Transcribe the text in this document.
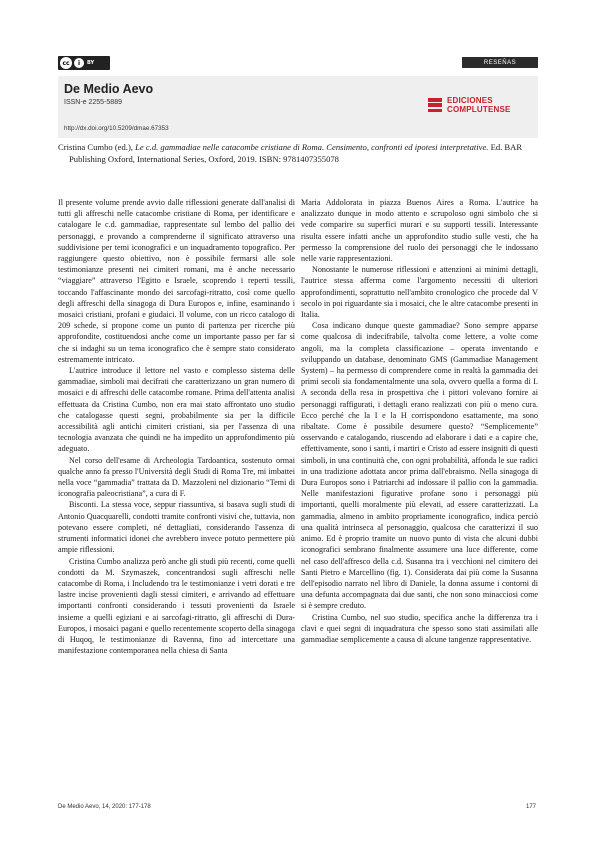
cc	i	BY	RESEÑAS
De Medio Aevo
ISSN-e 2255-5889
http://dx.doi.org/10.5209/dmae.67353
EDICIONES
COMPLUTENSE
Cristina Cumbo (ed.), Le c.d. gammadiae nelle catacombe cristiane di Roma. Censimento, confronti ed ipotesi interpretative. Ed. BAR Publishing Oxford, International Series, Oxford, 2019. ISBN: 9781407355078

Il presente volume prende avvio dalle riflessioni generate dall'analisi di tutti gli affreschi nelle catacombe cristiane di Roma, per identificare e catalogare le c.d. gammadiae, rappresentate sul lembo del pallio dei personaggi, e provando a comprenderne il significato attraverso una suddivisione per temi iconografici e un inquadramento topografico. Per raggiungere questo obiettivo, non è possibile fermarsi alle sole testimonianze presenti nei cimiteri romani, ma è anche necessario “viaggiare” attraverso l'Egitto e Israele, scoprendo i reperti tessili, toccando l'affascinante mondo dei sarcofagi-ritratto, così come quello degli affreschi della sinagoga di Dura Europos e, infine, esaminando i mosaici cristiani, profani e giudaici. Il volume, con un ricco catalogo di 209 schede, si propone come un punto di partenza per ricerche più approfondite, costituendosi anche come un importante passo per far sì che si indaghi su un tema iconografico che è sempre stato considerato estremamente intricato.

L'autrice introduce il lettore nel vasto e complesso sistema delle gammadiae, simboli mai decifrati che caratterizzano un gran numero di mosaici e di affreschi delle catacombe romane. Prima dell'attenta analisi effettuata da Cristina Cumbo, non era mai stato affrontato uno studio che catalogasse questi segni, probabilmente sia per la difficile accessibilità agli antichi cimiteri cristiani, sia per l'assenza di una tecnologia avanzata che quindi ne ha impedito un approfondimento più adeguato.

Nel corso dell'esame di Archeologia Tardoantica, sostenuto ormai qualche anno fa presso l'Università degli Studi di Roma Tre, mi imbattei nella voce “gammadia” trattata da D. Mazzoleni nel dizionario “Temi di iconografia paleocristiana”, a cura di F.

Bisconti. La stessa voce, seppur riassuntiva, si basava sugli studi di Antonio Quacquarelli, condotti tramite confronti visivi che, tuttavia, non potevano essere completi, né dettagliati, considerando l'assenza di strumenti informatici idonei che avrebbero invece potuto permettere più ampie riflessioni.

Cristina Cumbo analizza però anche gli studi più recenti, come quelli condotti da M. Szymaszek, concentrandosi sugli affreschi nelle catacombe di Roma, i Includendo tra le testimonianze i vetri dorati e tre lastre incise provenienti dagli stessi cimiteri, e arrivando ad effettuare importanti confronti considerando i tessuti provenienti da Israele insieme a quelli egiziani e ai sarcofagi-ritratto, gli affreschi di Dura-Europos, i mosaici pagani e quello recentemente scoperto della sinagoga di Huqoq, le testimonianze di Ravenna, fino ad intercettare una manifestazione contemporanea nella chiesa di Santa

Maria Addolorata in piazza Buenos Aires a Roma. L'autrice ha analizzato dunque in modo attento e scrupoloso ogni simbolo che si vede comparire su superfici murari e su supporti tessili. Interessante risulta essere infatti anche un approfondito studio sulle vesti, che ha permesso la comprensione del ruolo dei personaggi che le indossano nelle varie rappresentazioni.

Nonostante le numerose riflessioni e attenzioni ai minimi dettagli, l'autrice stessa afferma come l'argomento necessiti di ulteriori approfondimenti, soprattutto nell'ambito cronologico che procede dal V secolo in poi riguardante sia i mosaici, che le altre catacombe presenti in Italia.

Cosa indicano dunque queste gammadiae? Sono sempre apparse come qualcosa di indecifrabile, talvolta come lettere, a volte come angoli, ma la completa classificazione – operata inventando e sviluppando un database, denominato GMS (Gammadiae Management System) – ha permesso di comprendere come in realtà la gammadia dei primi secoli sia fondamentalmente una sola, ovvero quella a forma di I. A seconda della resa in prospettiva che i pittori volevano fornire ai personaggi raffigurati, i dettagli erano realizzati con più o meno cura. Ecco perché che la I e la H corrispondono esattamente, ma sono ribaltate. Come è possibile desumere questo? “Semplicemente” osservando e catalogando, riuscendo ad elaborare i dati e a capire che, effettivamente, sono i santi, i martiri e Cristo ad essere insigniti di questi simboli, in una continuità che, con ogni probabilità, affonda le sue radici in una tradizione adottata ancor prima dall'ebraismo. Nella sinagoga di Dura Europos sono i Patriarchi ad indossare il pallio con la gammadia. Nelle manifestazioni figurative profane sono i personaggi più importanti, quelli moralmente più elevati, ad essere caratterizzati. La gammadia, almeno in ambito propriamente iconografico, indica perciò una qualità intrinseca al personaggio, qualcosa che caratterizzi il suo animo. Ed è proprio tramite un nuovo punto di vista che alcuni dubbi iconografici sembrano finalmente assumere una luce differente, come nel caso dell'affresco della c.d. Susanna tra i vecchioni nel cimitero dei Santi Pietro e Marcellino (fig. 1). Considerata dai più come la Susanna dell'episodio narrato nel libro di Daniele, la donna assume i contorni di una defunta accompagnata dai due santi, che non sono minacciosi come si è sempre creduto.

Cristina Cumbo, nel suo studio, specifica anche la differenza tra i clavi e quei segni di inquadratura che spesso sono stati assimilati alle gammadiae semplicemente a causa di alcune tangenze rappresentative.

De Medio Aevo, 14, 2020: 177-178	177
